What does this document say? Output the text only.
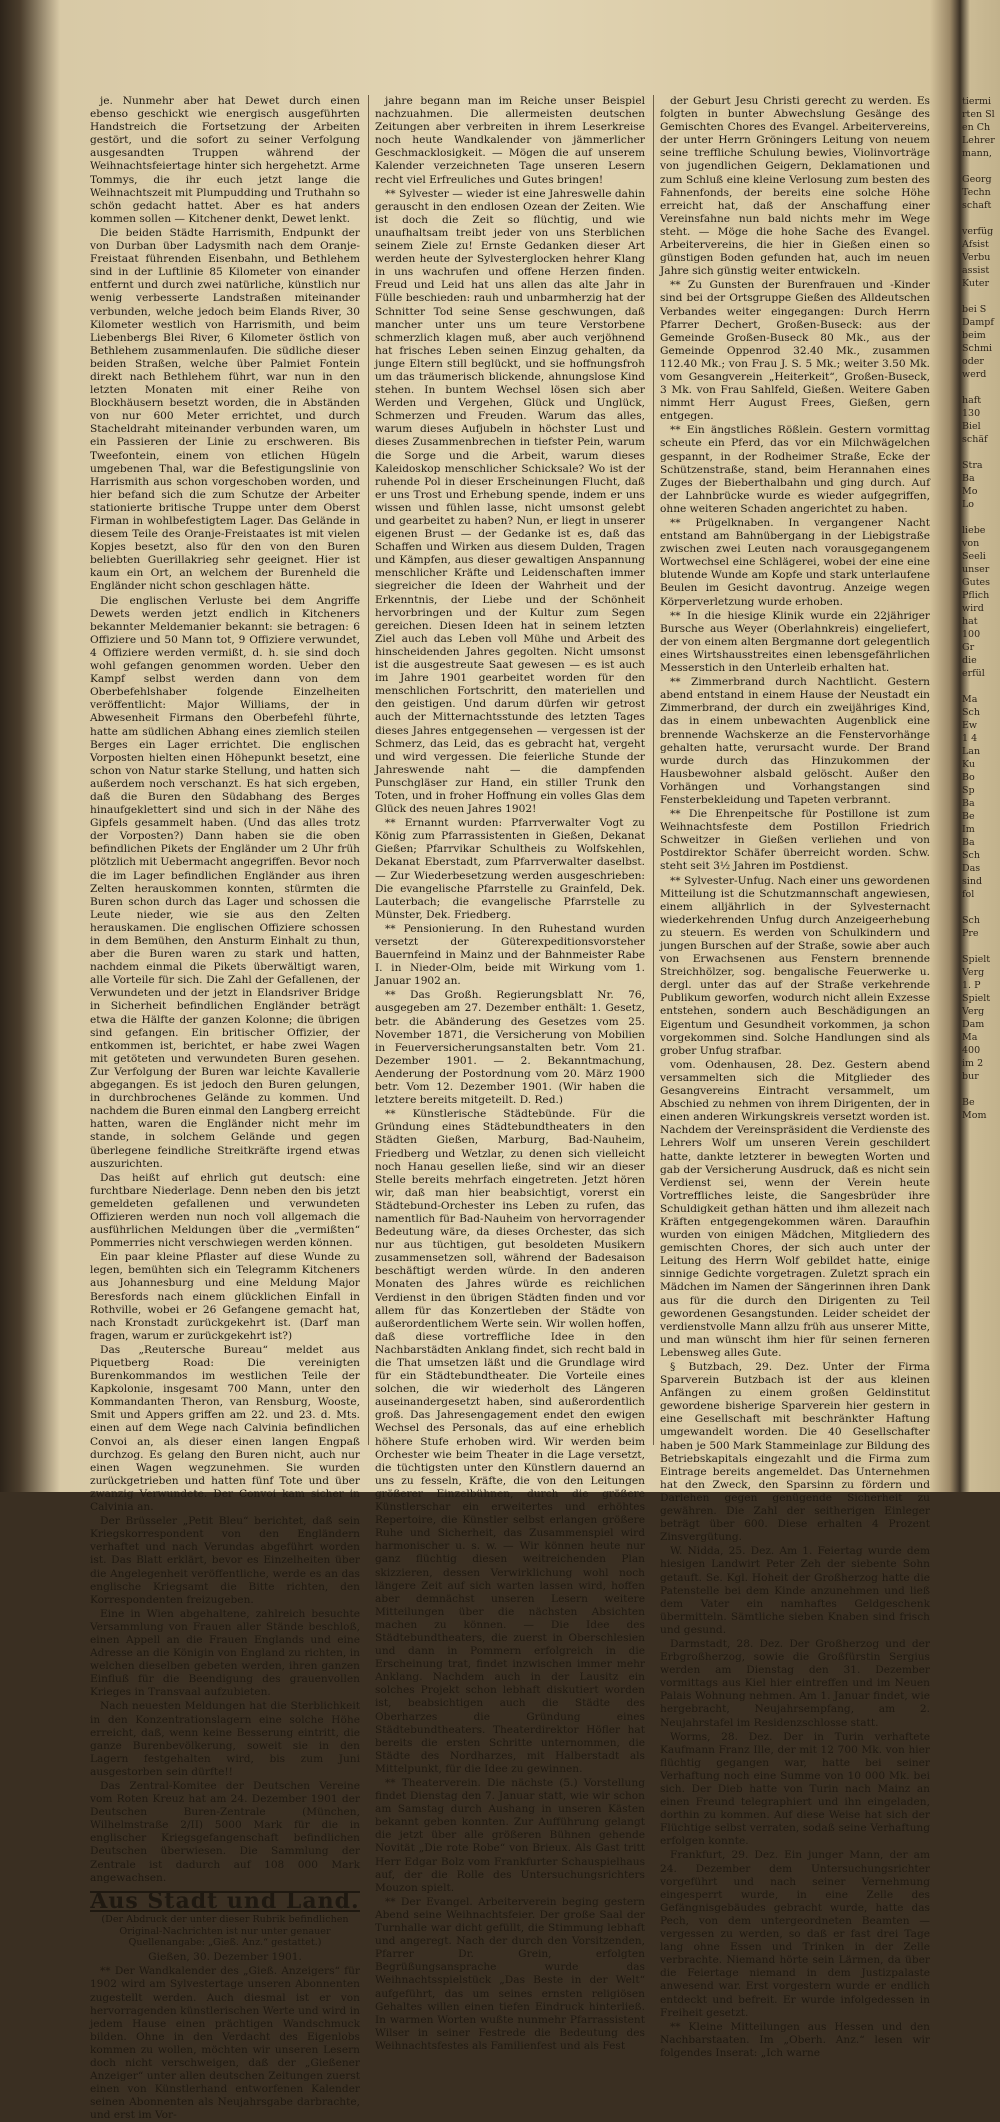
je. Nunmehr aber hat Dewet durch einen ebenso geschickt wie energisch ausgeführten Handstreich die Fortsetzung der Arbeiten gestört, und die sofort zu seiner Verfolgung ausgesandten Truppen während der Weihnachtsfeiertage hinter sich hergehetzt. Arme Tommys, die ihr euch jetzt lange die Weihnachtszeit mit Plumpudding und Truthahn so schön gedacht hattet. Aber es hat anders kommen sollen — Kitchener denkt, Dewet lenkt.

Die beiden Städte Harrismith, Endpunkt der von Durban über Ladysmith nach dem Oranje-Freistaat führenden Eisenbahn, und Bethlehem sind in der Luftlinie 85 Kilometer von einander entfernt und durch zwei natürliche, künstlich nur wenig verbesserte Landstraßen miteinander verbunden, welche jedoch beim Elands River, 30 Kilometer westlich von Harrismith, und beim Liebenbergs Blei River, 6 Kilometer östlich von Bethlehem zusammenlaufen. Die südliche dieser beiden Straßen, welche über Palmiet Fontein direkt nach Bethlehem führt, war nun in den letzten Monaten mit einer Reihe von Blockhäusern besetzt worden, die in Abständen von nur 600 Meter errichtet, und durch Stacheldraht miteinander verbunden waren, um ein Passieren der Linie zu erschweren. Bis Tweefontein, einem von etlichen Hügeln umgebenen Thal, war die Befestigungslinie von Harrismith aus schon vorgeschoben worden, und hier befand sich die zum Schutze der Arbeiter stationierte britische Truppe unter dem Oberst Firman in wohlbefestigtem Lager. Das Gelände in diesem Teile des Oranje-Freistaates ist mit vielen Kopjes besetzt, also für den von den Buren beliebten Guerillakrieg sehr geeignet. Hier ist kaum ein Ort, an welchem der Burenheld die Engländer nicht schon geschlagen hätte.

Die englischen Verluste bei dem Angriffe Dewets werden jetzt endlich in Kitcheners bekannter Meldemanier bekannt: sie betragen: 6 Offiziere und 50 Mann tot, 9 Offiziere verwundet, 4 Offiziere werden vermißt, d. h. sie sind doch wohl gefangen genommen worden. Ueber den Kampf selbst werden dann von dem Oberbefehlshaber folgende Einzelheiten veröffentlicht: Major Williams, der in Abwesenheit Firmans den Oberbefehl führte, hatte am südlichen Abhang eines ziemlich steilen Berges ein Lager errichtet. Die englischen Vorposten hielten einen Höhepunkt besetzt, eine schon von Natur starke Stellung, und hatten sich außerdem noch verschanzt. Es hat sich ergeben, daß die Buren den Südabhang des Berges hinaufgeklettert sind und sich in der Nähe des Gipfels gesammelt haben. (Und das alles trotz der Vorposten?) Dann haben sie die oben befindlichen Pikets der Engländer um 2 Uhr früh plötzlich mit Uebermacht angegriffen. Bevor noch die im Lager befindlichen Engländer aus ihren Zelten herauskommen konnten, stürmten die Buren schon durch das Lager und schossen die Leute nieder, wie sie aus den Zelten herauskamen. Die englischen Offiziere schossen in dem Bemühen, den Ansturm Einhalt zu thun, aber die Buren waren zu stark und hatten, nachdem einmal die Pikets überwältigt waren, alle Vorteile für sich. Die Zahl der Gefallenen, der Verwundeten und der jetzt in Elandsriver Bridge in Sicherheit befindlichen Engländer beträgt etwa die Hälfte der ganzen Kolonne; die übrigen sind gefangen. Ein britischer Offizier, der entkommen ist, berichtet, er habe zwei Wagen mit getöteten und verwundeten Buren gesehen. Zur Verfolgung der Buren war leichte Kavallerie abgegangen. Es ist jedoch den Buren gelungen, in durchbrochenes Gelände zu kommen. Und nachdem die Buren einmal den Langberg erreicht hatten, waren die Engländer nicht mehr im stande, in solchem Gelände und gegen überlegene feindliche Streitkräfte irgend etwas auszurichten.

Das heißt auf ehrlich gut deutsch: eine furchtbare Niederlage. Denn neben den bis jetzt gemeldeten gefallenen und verwundeten Offizieren werden nun noch voll allgemach die ausführlichen Meldungen über die „vermißten“ Pommerries nicht verschwiegen werden können.

Ein paar kleine Pflaster auf diese Wunde zu legen, bemühten sich ein Telegramm Kitcheners aus Johannesburg und eine Meldung Major Beresfords nach einem glücklichen Einfall in Rothville, wobei er 26 Gefangene gemacht hat, nach Kronstadt zurückgekehrt ist. (Darf man fragen, warum er zurückgekehrt ist?)

Das „Reutersche Bureau“ meldet aus Piquetberg Road: Die vereinigten Burenkommandos im westlichen Teile der Kapkolonie, insgesamt 700 Mann, unter den Kommandanten Theron, van Rensburg, Wooste, Smit und Appers griffen am 22. und 23. d. Mts. einen auf dem Wege nach Calvinia befindlichen Convoi an, als dieser einen langen Engpaß durchzog. Es gelang den Buren nicht, auch nur einen Wagen wegzunehmen. Sie wurden zurückgetrieben und hatten fünf Tote und über zwanzig Verwundete. Der Convoi kam sicher in Calvinia an.

Der Brüsseler „Petit Bleu“ berichtet, daß sein Kriegskorrespondent von den Engländern verhaftet und nach Verundas abgeführt worden ist. Das Blatt erklärt, bevor es Einzelheiten über die Angelegenheit veröffentliche, werde es an das englische Kriegsamt die Bitte richten, den Korrespondenten freizugeben.

Eine in Wien abgehaltene, zahlreich besuchte Versammlung von Frauen aller Stände beschloß, einen Appell an die Frauen Englands und eine Adresse an die Königin von England zu richten, in welchen dieselben gebeten werden, ihren ganzen Einfluß für die Beendigung des grauenvollen Krieges in Transvaal aufzubieten.

Nach neuesten Meldungen hat die Sterblichkeit in den Konzentrationslagern eine solche Höhe erreicht, daß, wenn keine Besserung eintritt, die ganze Burenbevölkerung, soweit sie in den Lagern festgehalten wird, bis zum Juni ausgestorben sein dürfte!!

Das Zentral-Komitee der Deutschen Vereine vom Roten Kreuz hat am 24. Dezember 1901 der Deutschen Buren-Zentrale (München, Wilhelmstraße 2/II) 5000 Mark für die in englischer Kriegsgefangenschaft befindlichen Deutschen überwiesen. Die Sammlung der Zentrale ist dadurch auf 108 000 Mark angewachsen.

Aus Stadt und Land.
(Der Abdruck der unter dieser Rubrik befindlichen Original-Nachrichten ist nur unter genauer Quellenangabe: „Gieß. Anz.“ gestattet.)
Gießen, 30. Dezember 1901.

** Der Wandkalender des „Gieß. Anzeigers“ für 1902 wird am Sylvestertage unseren Abonnenten zugestellt werden. Auch diesmal ist er von hervorragenden künstlerischen Werte und wird in jedem Hause einen prächtigen Wandschmuck bilden. Ohne in den Verdacht des Eigenlobs kommen zu wollen, möchten wir unseren Lesern doch nicht verschweigen, daß der „Gießener Anzeiger“ unter allen deutschen Zeitungen zuerst einen von Künstlerhand entworfenen Kalender seinen Abonnenten als Neujahrsgabe darbrachte, und erst im Vor-

jahre begann man im Reiche unser Beispiel nachzuahmen. Die allermeisten deutschen Zeitungen aber verbreiten in ihrem Leserkreise noch heute Wandkalender von jämmerlicher Geschmacklosigkeit. — Mögen die auf unserem Kalender verzeichneten Tage unseren Lesern recht viel Erfreuliches und Gutes bringen!

** Sylvester — wieder ist eine Jahreswelle dahin gerauscht in den endlosen Ozean der Zeiten. Wie ist doch die Zeit so flüchtig, und wie unaufhaltsam treibt jeder von uns Sterblichen seinem Ziele zu! Ernste Gedanken dieser Art werden heute der Sylvesterglocken hehrer Klang in uns wachrufen und offene Herzen finden. Freud und Leid hat uns allen das alte Jahr in Fülle beschieden: rauh und unbarmherzig hat der Schnitter Tod seine Sense geschwungen, daß mancher unter uns um teure Verstorbene schmerzlich klagen muß, aber auch verjöhnend hat frisches Leben seinen Einzug gehalten, da junge Eltern still beglückt, und sie hoffnungsfroh um das träumerisch blickende, ahnungslose Kind stehen. In buntem Wechsel lösen sich aber Werden und Vergehen, Glück und Unglück, Schmerzen und Freuden. Warum das alles, warum dieses Aufjubeln in höchster Lust und dieses Zusammenbrechen in tiefster Pein, warum die Sorge und die Arbeit, warum dieses Kaleidoskop menschlicher Schicksale? Wo ist der ruhende Pol in dieser Erscheinungen Flucht, daß er uns Trost und Erhebung spende, indem er uns wissen und fühlen lasse, nicht umsonst gelebt und gearbeitet zu haben? Nun, er liegt in unserer eigenen Brust — der Gedanke ist es, daß das Schaffen und Wirken aus diesem Dulden, Tragen und Kämpfen, aus dieser gewaltigen Anspannung menschlicher Kräfte und Leidenschaften immer siegreicher die Ideen der Wahrheit und der Erkenntnis, der Liebe und der Schönheit hervorbringen und der Kultur zum Segen gereichen. Diesen Ideen hat in seinem letzten Ziel auch das Leben voll Mühe und Arbeit des hinscheidenden Jahres gegolten. Nicht umsonst ist die ausgestreute Saat gewesen — es ist auch im Jahre 1901 gearbeitet worden für den menschlichen Fortschritt, den materiellen und den geistigen. Und darum dürfen wir getrost auch der Mitternachtsstunde des letzten Tages dieses Jahres entgegensehen — vergessen ist der Schmerz, das Leid, das es gebracht hat, vergeht und wird vergessen. Die feierliche Stunde der Jahreswende naht — die dampfenden Punschgläser zur Hand, ein stiller Trunk den Toten, und in froher Hoffnung ein volles Glas dem Glück des neuen Jahres 1902!

** Ernannt wurden: Pfarrverwalter Vogt zu König zum Pfarrassistenten in Gießen, Dekanat Gießen; Pfarrvikar Schultheis zu Wolfskehlen, Dekanat Eberstadt, zum Pfarrverwalter daselbst. — Zur Wiederbesetzung werden ausgeschrieben: Die evangelische Pfarrstelle zu Grainfeld, Dek. Lauterbach; die evangelische Pfarrstelle zu Münster, Dek. Friedberg.

** Pensionierung. In den Ruhestand wurden versetzt der Güterexpeditionsvorsteher Bauernfeind in Mainz und der Bahnmeister Rabe I. in Nieder-Olm, beide mit Wirkung vom 1. Januar 1902 an.

** Das Großh. Regierungsblatt Nr. 76, ausgegeben am 27. Dezember enthält: 1. Gesetz, betr. die Abänderung des Gesetzes vom 25. November 1871, die Versicherung von Mobilien in Feuerversicherungsanstalten betr. Vom 21. Dezember 1901. — 2. Bekanntmachung, Aenderung der Postordnung vom 20. März 1900 betr. Vom 12. Dezember 1901. (Wir haben die letztere bereits mitgeteilt. D. Red.)

** Künstlerische Städtebünde. Für die Gründung eines Städtebundtheaters in den Städten Gießen, Marburg, Bad-Nauheim, Friedberg und Wetzlar, zu denen sich vielleicht noch Hanau gesellen ließe, sind wir an dieser Stelle bereits mehrfach eingetreten. Jetzt hören wir, daß man hier beabsichtigt, vorerst ein Städtebund-Orchester ins Leben zu rufen, das namentlich für Bad-Nauheim von hervorragender Bedeutung wäre, da dieses Orchester, das sich nur aus tüchtigen, gut besoldeten Musikern zusammensetzen soll, während der Badesaison beschäftigt werden würde. In den anderen Monaten des Jahres würde es reichlichen Verdienst in den übrigen Städten finden und vor allem für das Konzertleben der Städte von außerordentlichem Werte sein. Wir wollen hoffen, daß diese vortreffliche Idee in den Nachbarstädten Anklang findet, sich recht bald in die That umsetzen läßt und die Grundlage wird für ein Städtebundtheater. Die Vorteile eines solchen, die wir wiederholt des Längeren auseinandergesetzt haben, sind außerordentlich groß. Das Jahresengagement endet den ewigen Wechsel des Personals, das auf eine erheblich höhere Stufe erhoben wird. Wir werden beim Orchester wie beim Theater in die Lage versetzt, die tüchtigsten unter den Künstlern dauernd an uns zu fesseln, Kräfte, die von den Leitungen größerer Einzelbühnen, durch die größere Künstlerschar ein erweitertes und erhöhtes Repertoire, die Künstler selbst erlangen größere Ruhe und Sicherheit, das Zusammenspiel wird harmonischer u. s. w. — Wir können heute nur ganz flüchtig diesen weitreichenden Plan skizzieren, dessen Verwirklichung wohl noch längere Zeit auf sich warten lassen wird, hoffen aber demnächst unseren Lesern weitere Mitteilungen über die nächsten Absichten machen zu können. — Die Idee des Städtebundtheaters, die zuerst in Oberschlesien und dann in Pommern erfolgreich in die Erscheinung trat, findet inzwischen immer mehr Anklang. Nachdem auch in der Lausitz ein solches Projekt schon lebhaft diskutiert worden ist, beabsichtigen auch die Städte des Oberharzes die Gründung eines Städtebundtheaters. Theaterdirektor Höfler hat bereits die ersten Schritte unternommen, die Städte des Nordharzes, mit Halberstadt als Mittelpunkt, für die Idee zu gewinnen.

** Theaterverein. Die nächste (5.) Vorstellung findet Dienstag den 7. Januar statt, wie wir schon am Samstag durch Aushang in unseren Kästen bekannt geben konnten. Zur Aufführung gelangt die jetzt über alle größeren Bühnen gehende Novität „Die rote Robe“ von Brieux. Als Gast tritt Herr Edgar Bolz vom Frankfurter Schauspielhaus auf, der die Rolle des Untersuchungsrichters Mouzon spielt.

** Der Evangel. Arbeiterverein beging gestern Abend seine Weihnachtsfeier. Der große Saal der Turnhalle war dicht gefüllt, die Stimmung lebhaft und angeregt. Nach der durch den Vorsitzenden, Pfarrer Dr. Grein, erfolgten Begrüßungsansprache wurde das Weihnachtsspielstück „Das Beste in der Welt“ aufgeführt, das um seines ernsten religiösen Gehaltes willen einen tiefen Eindruck hinterließ. In warmen Worten wußte nunmehr Pfarrassistent Wilser in seiner Festrede die Bedeutung des Weihnachtsfestes als Familienfest und als Fest

der Geburt Jesu Christi gerecht zu werden. Es folgten in bunter Abwechslung Gesänge des Gemischten Chores des Evangel. Arbeitervereins, der unter Herrn Gröningers Leitung von neuem seine treffliche Schulung bewies, Violinvorträge von jugendlichen Geigern, Deklamationen und zum Schluß eine kleine Verlosung zum besten des Fahnenfonds, der bereits eine solche Höhe erreicht hat, daß der Anschaffung einer Vereinsfahne nun bald nichts mehr im Wege steht. — Möge die hohe Sache des Evangel. Arbeitervereins, die hier in Gießen einen so günstigen Boden gefunden hat, auch im neuen Jahre sich günstig weiter entwickeln.

** Zu Gunsten der Burenfrauen und -Kinder sind bei der Ortsgruppe Gießen des Alldeutschen Verbandes weiter eingegangen: Durch Herrn Pfarrer Dechert, Großen-Buseck: aus der Gemeinde Großen-Buseck 80 Mk., aus der Gemeinde Oppenrod 32.40 Mk., zusammen 112.40 Mk.; von Frau J. S. 5 Mk.; weiter 3.50 Mk. vom Gesangverein „Heiterkeit“, Großen-Buseck, 3 Mk. von Frau Sahlfeld, Gießen. Weitere Gaben nimmt Herr August Frees, Gießen, gern entgegen.

** Ein ängstliches Rößlein. Gestern vormittag scheute ein Pferd, das vor ein Milchwägelchen gespannt, in der Rodheimer Straße, Ecke der Schützenstraße, stand, beim Herannahen eines Zuges der Bieberthalbahn und ging durch. Auf der Lahnbrücke wurde es wieder aufgegriffen, ohne weiteren Schaden angerichtet zu haben.

** Prügelknaben. In vergangener Nacht entstand am Bahnübergang in der Liebigstraße zwischen zwei Leuten nach vorausgegangenem Wortwechsel eine Schlägerei, wobei der eine eine blutende Wunde am Kopfe und stark unterlaufene Beulen im Gesicht davontrug. Anzeige wegen Körperverletzung wurde erhoben.

** In die hiesige Klinik wurde ein 22jähriger Bursche aus Weyer (Oberlahnkreis) eingeliefert, der von einem alten Bergmanne dort gelegentlich eines Wirtshausstreites einen lebensgefährlichen Messerstich in den Unterleib erhalten hat.

** Zimmerbrand durch Nachtlicht. Gestern abend entstand in einem Hause der Neustadt ein Zimmerbrand, der durch ein zweijähriges Kind, das in einem unbewachten Augenblick eine brennende Wachskerze an die Fenstervorhänge gehalten hatte, verursacht wurde. Der Brand wurde durch das Hinzukommen der Hausbewohner alsbald gelöscht. Außer den Vorhängen und Vorhangstangen sind Fensterbekleidung und Tapeten verbrannt.

** Die Ehrenpeitsche für Postillone ist zum Weihnachtsfeste dem Postillon Friedrich Schweitzer in Gießen verliehen und von Postdirektor Schäfer überreicht worden. Schw. steht seit 3½ Jahren im Postdienst.

** Sylvester-Unfug. Nach einer uns gewordenen Mitteilung ist die Schutzmannschaft angewiesen, einem alljährlich in der Sylvesternacht wiederkehrenden Unfug durch Anzeigeerhebung zu steuern. Es werden von Schulkindern und jungen Burschen auf der Straße, sowie aber auch von Erwachsenen aus Fenstern brennende Streichhölzer, sog. bengalische Feuerwerke u. dergl. unter das auf der Straße verkehrende Publikum geworfen, wodurch nicht allein Exzesse entstehen, sondern auch Beschädigungen an Eigentum und Gesundheit vorkommen, ja schon vorgekommen sind. Solche Handlungen sind als grober Unfug strafbar.

vom. Odenhausen, 28. Dez. Gestern abend versammelten sich die Mitglieder des Gesangvereins Eintracht versammelt, um Abschied zu nehmen von ihrem Dirigenten, der in einen anderen Wirkungskreis versetzt worden ist. Nachdem der Vereinspräsident die Verdienste des Lehrers Wolf um unseren Verein geschildert hatte, dankte letzterer in bewegten Worten und gab der Versicherung Ausdruck, daß es nicht sein Verdienst sei, wenn der Verein heute Vortreffliches leiste, die Sangesbrüder ihre Schuldigkeit gethan hätten und ihm allezeit nach Kräften entgegengekommen wären. Daraufhin wurden von einigen Mädchen, Mitgliedern des gemischten Chores, der sich auch unter der Leitung des Herrn Wolf gebildet hatte, einige sinnige Gedichte vorgetragen. Zuletzt sprach ein Mädchen im Namen der Sängerinnen ihren Dank aus für die durch den Dirigenten zu Teil gewordenen Gesangstunden. Leider scheidet der verdienstvolle Mann allzu früh aus unserer Mitte, und man wünscht ihm hier für seinen ferneren Lebensweg alles Gute.

§ Butzbach, 29. Dez. Unter der Firma Sparverein Butzbach ist der aus kleinen Anfängen zu einem großen Geldinstitut gewordene bisherige Sparverein hier gestern in eine Gesellschaft mit beschränkter Haftung umgewandelt worden. Die 40 Gesellschafter haben je 500 Mark Stammeinlage zur Bildung des Betriebskapitals eingezahlt und die Firma zum Eintrage bereits angemeldet. Das Unternehmen hat den Zweck, den Sparsinn zu fördern und Darlehen gegen genügende Sicherheit zu gewähren. Die Zahl der seitherigen Einleger beträgt über 600. Diese erhalten 4 Prozent Zinsvergütung.

W. Nidda, 25. Dez. Am 1. Feiertag wurde dem hiesigen Landwirt Peter Zeh der siebente Sohn getauft. Se. Kgl. Hoheit der Großherzog hatte die Patenstelle bei dem Kinde anzunehmen und ließ dem Vater ein namhaftes Geldgeschenk übermitteln. Sämtliche sieben Knaben sind frisch und gesund.

Darmstadt, 28. Dez. Der Großherzog und der Erbgroßherzog, sowie die Großfürstin Sergius werden am Dienstag den 31. Dezember vormittags aus Kiel hier eintreffen und im Neuen Palais Wohnung nehmen. Am 1. Januar findet, wie hergebracht, Neujahrsempfang, am 2. Neujahrstafel im Residenzschlosse statt.

Worms, 28. Dez. Der in Turin verhaftete Kaufmann Franz Ille, der mit 12 700 Mk. von hier flüchtig gegangen war, hatte bei seiner Verhaftung noch eine Summe von 10 000 Mk. bei sich. Der Dieb hatte von Turin nach Mainz an einen Freund telegraphiert und ihn eingeladen, dorthin zu kommen. Auf diese Weise hat sich der Flüchtige selbst verraten, sodaß seine Verhaftung erfolgen konnte.

Frankfurt, 29. Dez. Ein junger Mann, der am 24. Dezember dem Untersuchungsrichter vorgeführt und nach seiner Vernehmung eingesperrt wurde, in eine Zelle des Gefängnisgebäudes gebracht wurde, hatte das Pech, von dem untergeordneten Beamten — vergessen zu werden, so daß er fast drei Tage lang ohne Essen und Trinken in der Zelle verbrachte. Niemand hörte sein Lärmen, da über die Feiertage niemand in dem Justizpalaste anwesend war. Erst vorgestern wurde er endlich entdeckt und befreit. Er wurde infolgedessen in Freiheit gesetzt.

** Kleine Mitteilungen aus Hessen und den Nachbarstaaten. Im „Oberh. Anz.“ lesen wir folgendes Inserat: „Ich warne

tiermi
rten Sl
en Ch
Lehrer
mann,

Georg
Techn
schaft

verfüg
Afsist
Verbu
assist
Kuter

bei S
Dampf
beim
Schmi
oder
werd

haft
130
Biel
schäf

Stra
Ba
Mo
Lo

liebe
von
Seeli
unser
Gutes
Pflich
wird
hat
100
Gr
die
erfül

Ma
Sch
Ew
1 4
Lan
Ku
Bo
Sp
Ba
Be
Im
Ba
Sch
Das
sind
fol

Sch
Pre

Spielt
Verg
1. P
Spielt
Verg
Dam
Ma
400
im 2
bur

Be
Mom
